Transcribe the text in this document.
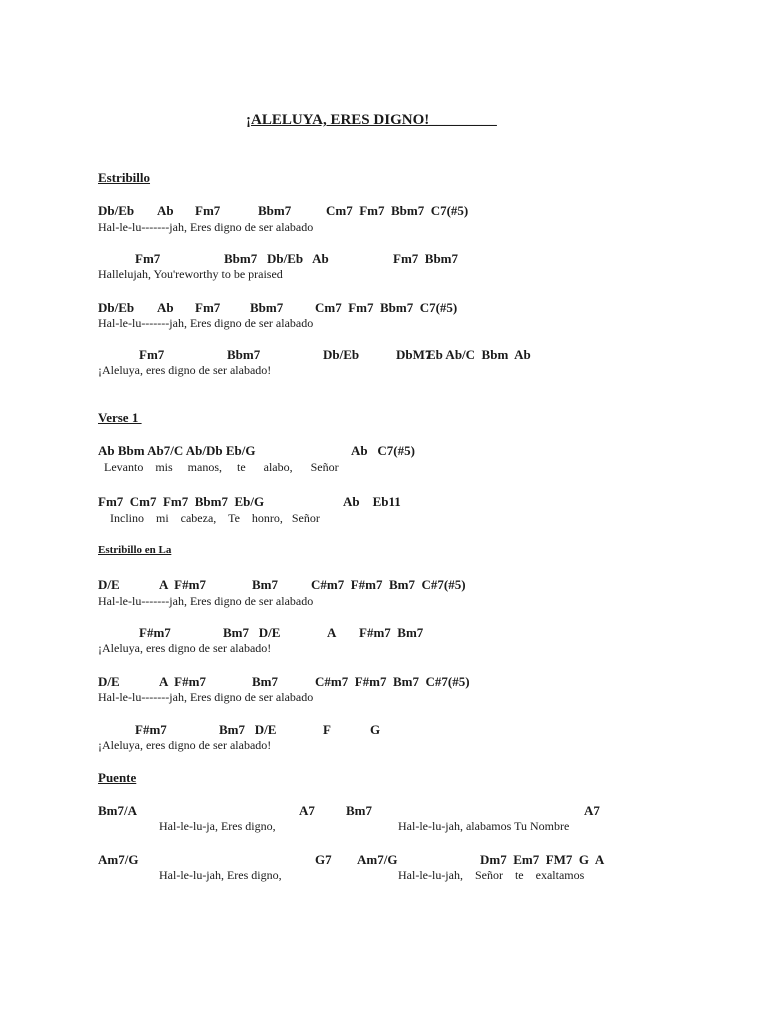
¡ALELUYA, ERES DIGNO!_________
Estribillo
Db/Eb Ab Fm7	Bbm7	Cm7  Fm7  Bbm7  C7(#5)
Hal-le-lu-------jah, Eres digno de ser alabado
Fm7	Bbm7   Db/Eb   Ab	Fm7  Bbm7
Hallelujah, You'reworthy to be praised
Db/Eb Ab Fm7 Bbm7 Cm7  Fm7  Bbm7  C7(#5)
Hal-le-lu-------jah, Eres digno de ser alabado
Fm7	Bbm7	Db/Eb	DbM7
Eb Ab/C  Bbm  Ab
¡Aleluya, eres digno de ser alabado!
Verse 1
Ab Bbm Ab7/C Ab/Db Eb/G	Ab   C7(#5)
Levanto    mis     manos,     te      alabo,      Señor
Fm7  Cm7  Fm7  Bbm7  Eb/G	Ab    Eb11
Inclino    mi    cabeza,    Te    honro,   Señor
Estribillo en La
D/E	A  F#m7	Bm7	C#m7  F#m7  Bm7  C#7(#5)
Hal-le-lu-------jah, Eres digno de ser alabado
F#m7	Bm7   D/E	A F#m7  Bm7
¡Aleluya, eres digno de ser alabado!
D/E	A  F#m7	Bm7	C#m7  F#m7  Bm7  C#7(#5)
Hal-le-lu-------jah, Eres digno de ser alabado
F#m7	Bm7   D/E	F	G
¡Aleluya, eres digno de ser alabado!
Puente
Bm7/A	A7 Bm7	A7
Hal-le-lu-ja, Eres digno,	Hal-le-lu-jah, alabamos Tu Nombre
Am7/G	G7 Am7/G	Dm7  Em7  FM7  G  A
Hal-le-lu-jah, Eres digno,	Hal-le-lu-jah,    Señor    te    exaltamos
